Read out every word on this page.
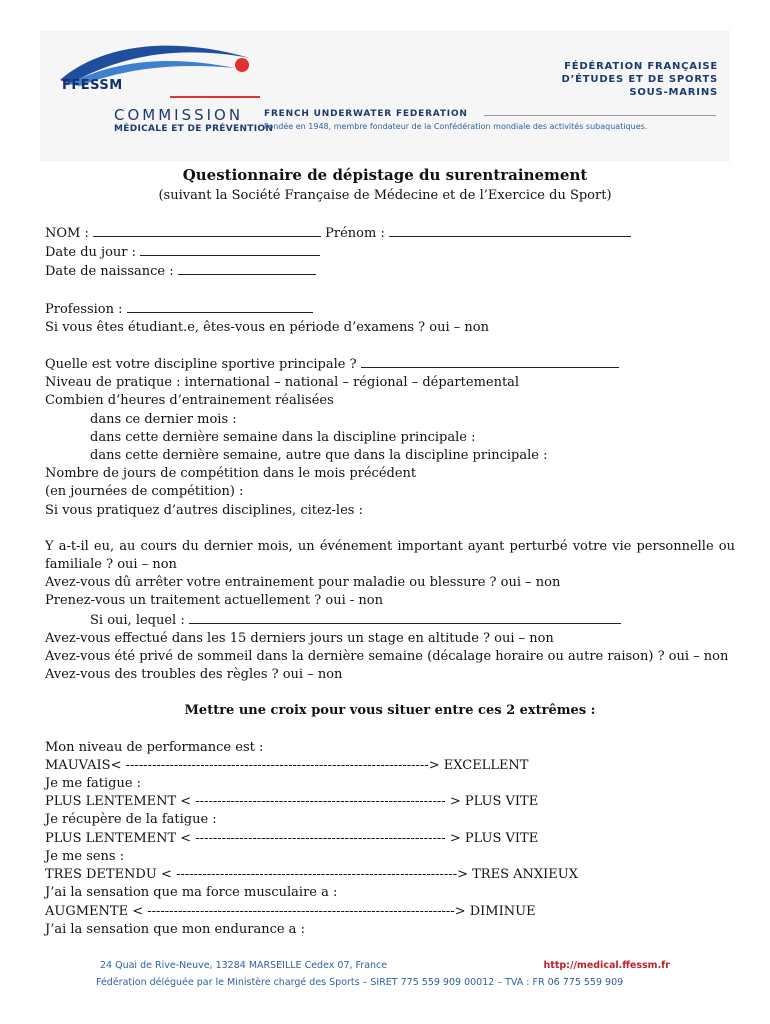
FFESSM
COMMISSION
MÉDICALE ET DE PRÉVENTION
FÉDÉRATION FRANÇAISE
D’ÉTUDES ET DE SPORTS
SOUS-MARINS
FRENCH UNDERWATER FEDERATION
Fondée en 1948, membre fondateur de la Confédération mondiale des activités subaquatiques.
Questionnaire de dépistage du surentrainement
(suivant la Société Française de Médecine et de l’Exercice du Sport)
NOM :	Prénom :
Date du jour :
Date de naissance :
Profession :
Si vous êtes étudiant.e, êtes-vous en période d’examens ? oui – non
Quelle est votre discipline sportive principale ?
Niveau de pratique : international – national – régional – départemental
Combien d’heures d’entrainement réalisées
dans ce dernier mois :
dans cette dernière semaine dans la discipline principale :
dans cette dernière semaine, autre que dans la discipline principale :
Nombre de jours de compétition dans le mois précédent
(en journées de compétition) :
Si vous pratiquez d’autres disciplines, citez-les :
Y a-t-il eu, au cours du dernier mois, un événement important ayant perturbé votre vie personnelle ou familiale ? oui – non
Avez-vous dû arrêter votre entrainement pour maladie ou blessure ? oui – non
Prenez-vous un traitement actuellement ? oui - non
Si oui, lequel :
Avez-vous effectué dans les 15 derniers jours un stage en altitude ? oui – non
Avez-vous été privé de sommeil dans la dernière semaine (décalage horaire ou autre raison) ? oui – non
Avez-vous des troubles des règles ? oui – non
Mettre une croix pour vous situer entre ces 2 extrêmes :
Mon niveau de performance est :
MAUVAIS< ---------------------------------------------------------------------> EXCELLENT
Je me fatigue :
PLUS LENTEMENT < --------------------------------------------------------- > PLUS VITE
Je récupère de la fatigue :
PLUS LENTEMENT < --------------------------------------------------------- > PLUS VITE
Je me sens :
TRES DETENDU < ----------------------------------------------------------------> TRES ANXIEUX
J’ai la sensation que ma force musculaire a :
AUGMENTE < ----------------------------------------------------------------------> DIMINUE
J’ai la sensation que mon endurance a :
24 Quai de Rive-Neuve, 13284 MARSEILLE Cedex 07, France	http://medical.ffessm.fr
Fédération déléguée par le Ministère chargé des Sports – SIRET 775 559 909 00012 – TVA : FR 06 775 559 909
